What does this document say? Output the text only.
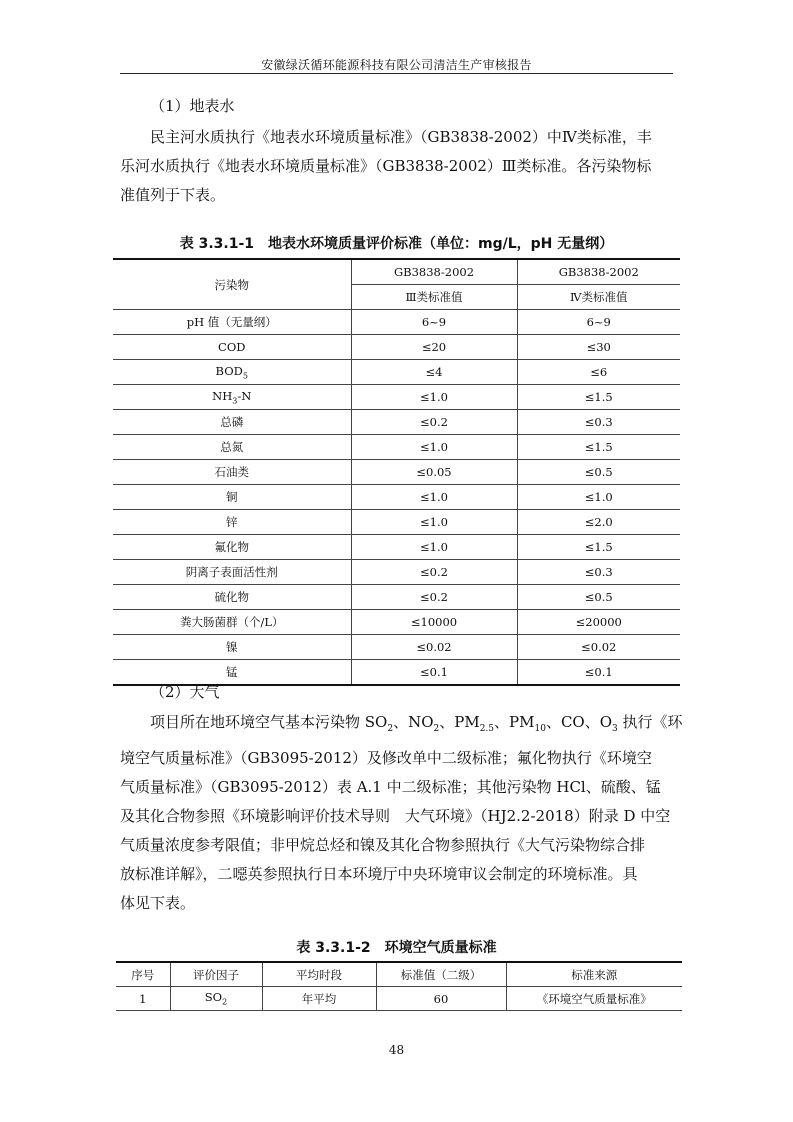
安徽绿沃循环能源科技有限公司清洁生产审核报告

（1）地表水

民主河水质执行《地表水环境质量标准》（GB3838-2002）中Ⅳ类标准，丰
乐河水质执行《地表水环境质量标准》（GB3838-2002）Ⅲ类标准。各污染物标
准值列于下表。

表 3.3.1-1　地表水环境质量评价标准（单位：mg/L，pH 无量纲）
污染物	GB3838-2002	GB3838-2002
	Ⅲ类标准值	Ⅳ类标准值
pH 值（无量纲）	6~9	6~9
COD	≤20	≤30
$BOD_5$	≤4	≤6
$NH_3-N$	≤1.0	≤1.5
总磷	≤0.2	≤0.3
总氮	≤1.0	≤1.5
石油类	≤0.05	≤0.5
铜	≤1.0	≤1.0
锌	≤1.0	≤2.0
氟化物	≤1.0	≤1.5
阴离子表面活性剂	≤0.2	≤0.3
硫化物	≤0.2	≤0.5
粪大肠菌群（个/L）	≤10000	≤20000
镍	≤0.02	≤0.02
锰	≤0.1	≤0.1

（2）大气

项目所在地环境空气基本污染物 $SO_2$、$NO_2$、$PM_{2.5}$、$PM_{10}$、CO、$O_3$ 执行《环
境空气质量标准》（GB3095-2012）及修改单中二级标准；氟化物执行《环境空
气质量标准》（GB3095-2012）表 A.1 中二级标准；其他污染物 HCl、硫酸、锰
及其化合物参照《环境影响评价技术导则　大气环境》（HJ2.2-2018）附录 D 中空
气质量浓度参考限值；非甲烷总烃和镍及其化合物参照执行《大气污染物综合排
放标准详解》，二噁英参照执行日本环境厅中央环境审议会制定的环境标准。具
体见下表。

表 3.3.1-2　环境空气质量标准
序号	评价因子	平均时段	标准值（二级）	标准来源
1	$SO_2$	年平均	60	《环境空气质量标准》
48
